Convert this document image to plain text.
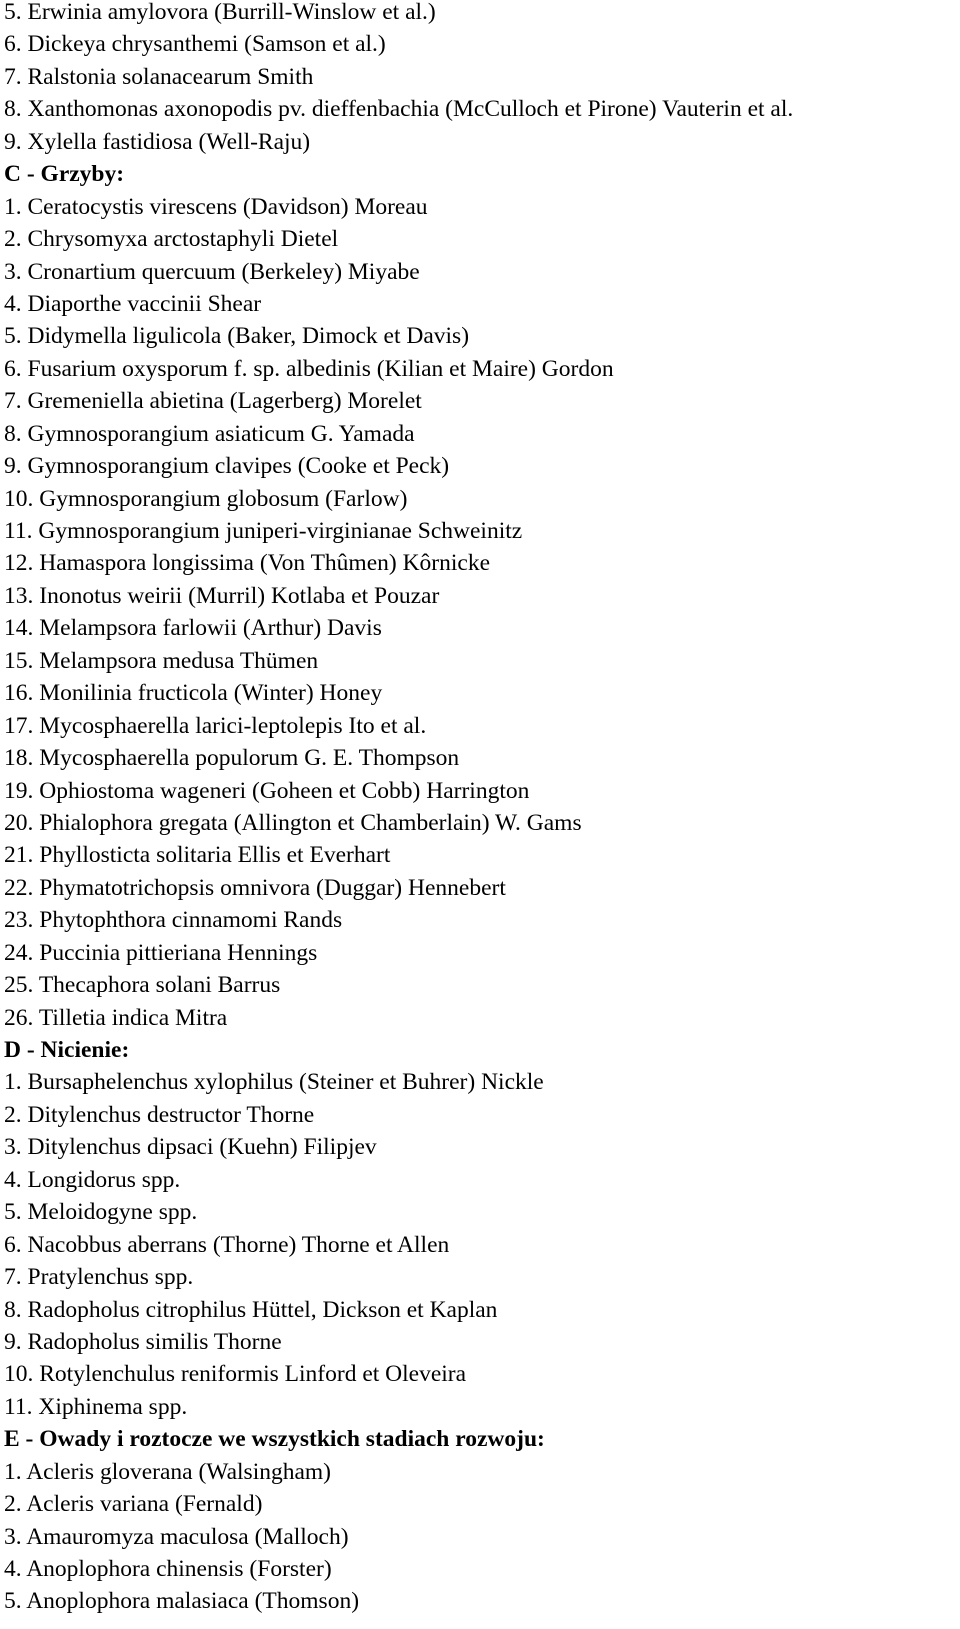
5. Erwinia amylovora (Burrill-Winslow et al.)
6. Dickeya chrysanthemi (Samson et al.)
7. Ralstonia solanacearum Smith
8. Xanthomonas axonopodis pv. dieffenbachia (McCulloch et Pirone) Vauterin et al.
9. Xylella fastidiosa (Well-Raju)
C - Grzyby:
1. Ceratocystis virescens (Davidson) Moreau
2. Chrysomyxa arctostaphyli Dietel
3. Cronartium quercuum (Berkeley) Miyabe
4. Diaporthe vaccinii Shear
5. Didymella ligulicola (Baker, Dimock et Davis)
6. Fusarium oxysporum f. sp. albedinis (Kilian et Maire) Gordon
7. Gremeniella abietina (Lagerberg) Morelet
8. Gymnosporangium asiaticum G. Yamada
9. Gymnosporangium clavipes (Cooke et Peck)
10. Gymnosporangium globosum (Farlow)
11. Gymnosporangium juniperi-virginianae Schweinitz
12. Hamaspora longissima (Von Thûmen) Kôrnicke
13. Inonotus weirii (Murril) Kotlaba et Pouzar
14. Melampsora farlowii (Arthur) Davis
15. Melampsora medusa Thümen
16. Monilinia fructicola (Winter) Honey
17. Mycosphaerella larici-leptolepis Ito et al.
18. Mycosphaerella populorum G. E. Thompson
19. Ophiostoma wageneri (Goheen et Cobb) Harrington
20. Phialophora gregata (Allington et Chamberlain) W. Gams
21. Phyllosticta solitaria Ellis et Everhart
22. Phymatotrichopsis omnivora (Duggar) Hennebert
23. Phytophthora cinnamomi Rands
24. Puccinia pittieriana Hennings
25. Thecaphora solani Barrus
26. Tilletia indica Mitra
D - Nicienie:
1. Bursaphelenchus xylophilus (Steiner et Buhrer) Nickle
2. Ditylenchus destructor Thorne
3. Ditylenchus dipsaci (Kuehn) Filipjev
4. Longidorus spp.
5. Meloidogyne spp.
6. Nacobbus aberrans (Thorne) Thorne et Allen
7. Pratylenchus spp.
8. Radopholus citrophilus Hüttel, Dickson et Kaplan
9. Radopholus similis Thorne
10. Rotylenchulus reniformis Linford et Oleveira
11. Xiphinema spp.
E - Owady i roztocze we wszystkich stadiach rozwoju:
1. Acleris gloverana (Walsingham)
2. Acleris variana (Fernald)
3. Amauromyza maculosa (Malloch)
4. Anoplophora chinensis (Forster)
5. Anoplophora malasiaca (Thomson)
